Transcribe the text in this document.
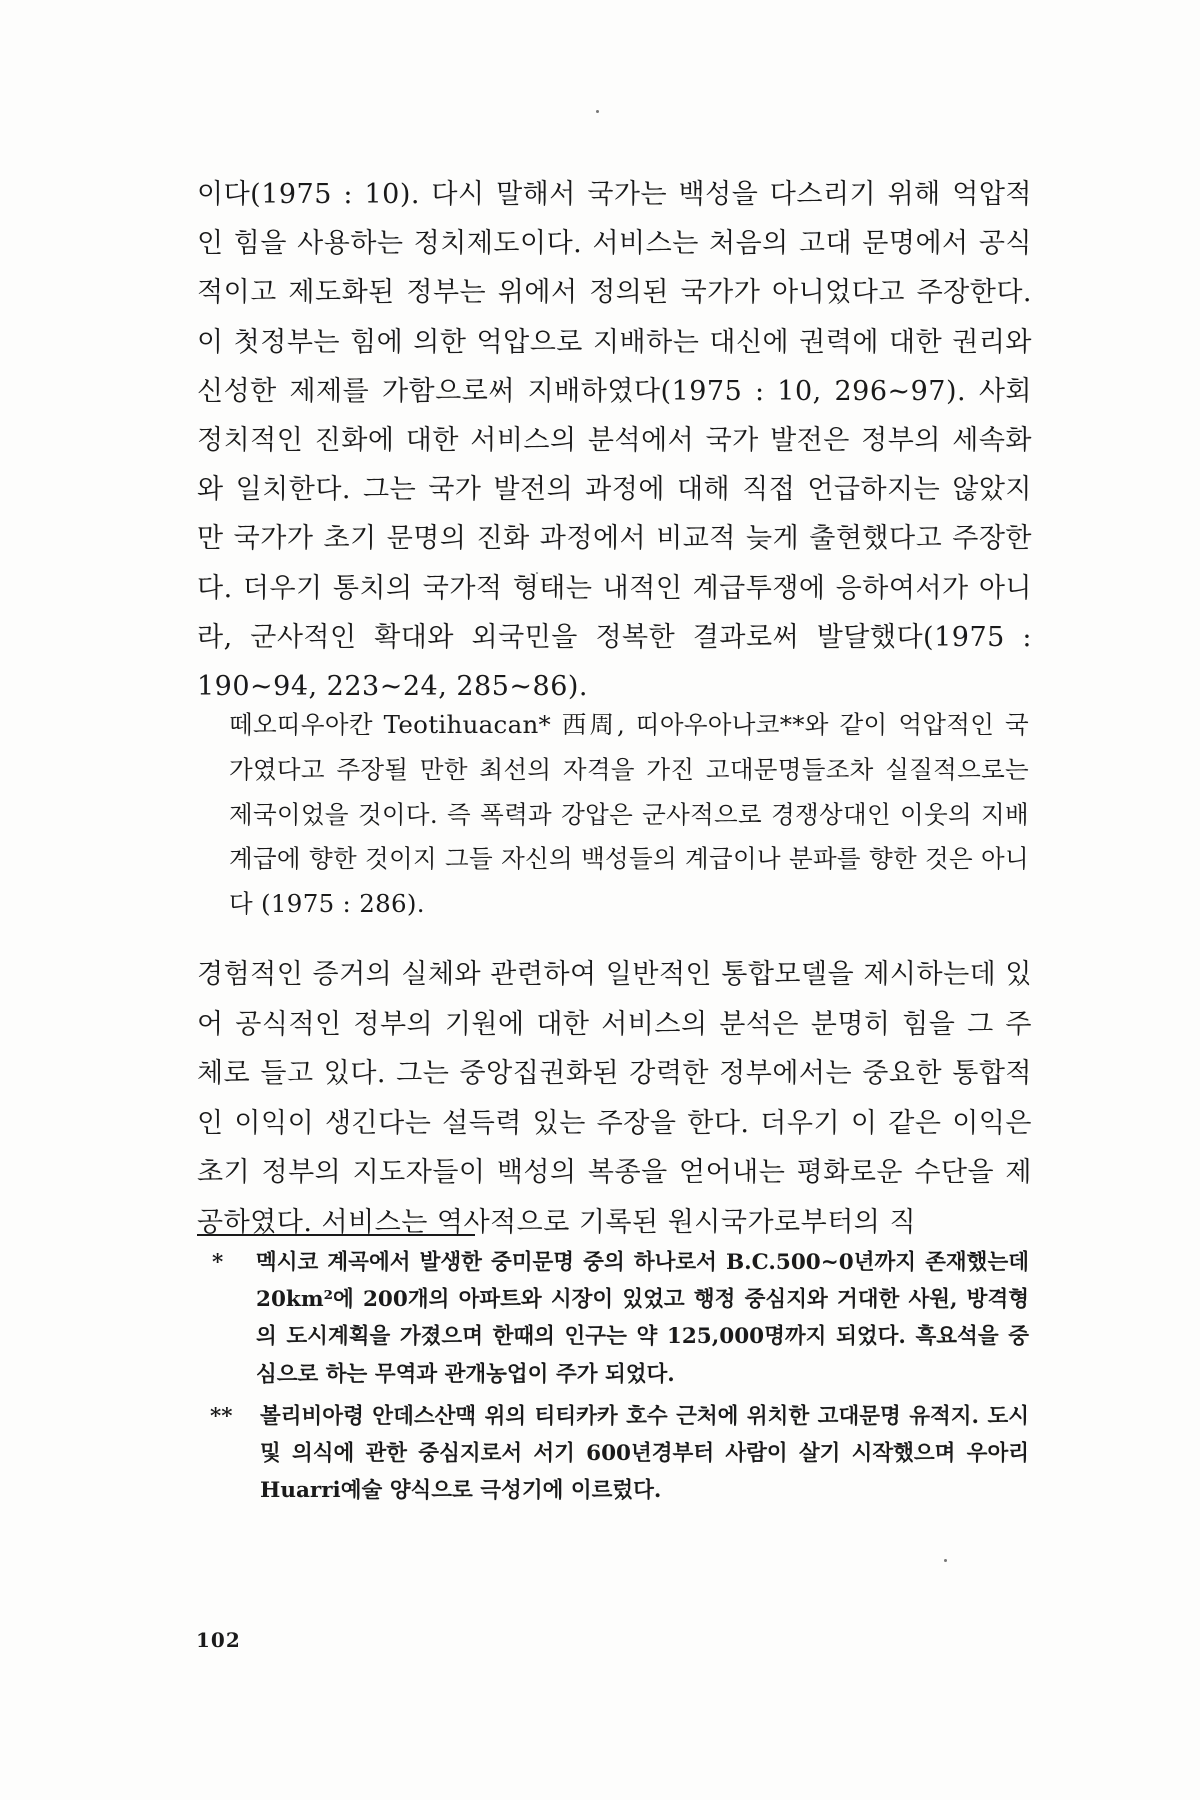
이다(1975 : 10). 다시 말해서 국가는 백성을 다스리기 위해 억압적인 힘을 사용하는 정치제도이다. 서비스는 처음의 고대 문명에서 공식적이고 제도화된 정부는 위에서 정의된 국가가 아니었다고 주장한다. 이 첫정부는 힘에 의한 억압으로 지배하는 대신에 권력에 대한 권리와 신성한 제제를 가함으로써 지배하였다(1975 : 10, 296~97). 사회정치적인 진화에 대한 서비스의 분석에서 국가 발전은 정부의 세속화와 일치한다. 그는 국가 발전의 과정에 대해 직접 언급하지는 않았지만 국가가 초기 문명의 진화 과정에서 비교적 늦게 출현했다고 주장한다. 더우기 통치의 국가적 형태는 내적인 계급투쟁에 응하여서가 아니라, 군사적인 확대와 외국민을 정복한 결과로써 발달했다(1975 : 190~94, 223~24, 285~86).

떼오띠우아칸 Teotihuacan* 西周, 띠아우아나코**와 같이 억압적인 국가였다고 주장될 만한 최선의 자격을 가진 고대문명들조차 실질적으로는 제국이었을 것이다. 즉 폭력과 강압은 군사적으로 경쟁상대인 이웃의 지배계급에 향한 것이지 그들 자신의 백성들의 계급이나 분파를 향한 것은 아니다 (1975 : 286).

경험적인 증거의 실체와 관련하여 일반적인 통합모델을 제시하는데 있어 공식적인 정부의 기원에 대한 서비스의 분석은 분명히 힘을 그 주체로 들고 있다. 그는 중앙집권화된 강력한 정부에서는 중요한 통합적인 이익이 생긴다는 설득력 있는 주장을 한다. 더우기 이 같은 이익은 초기 정부의 지도자들이 백성의 복종을 얻어내는 평화로운 수단을 제공하였다. 서비스는 역사적으로 기록된 원시국가로부터의 직

*	멕시코 계곡에서 발생한 중미문명 중의 하나로서 B.C.500~0년까지 존재했는데 20km²에 200개의 아파트와 시장이 있었고 행정 중심지와 거대한 사원, 방격형의 도시계획을 가졌으며 한때의 인구는 약 125,000명까지 되었다. 흑요석을 중심으로 하는 무역과 관개농업이 주가 되었다.
**	볼리비아령 안데스산맥 위의 티티카카 호수 근처에 위치한 고대문명 유적지. 도시 및 의식에 관한 중심지로서 서기 600년경부터 사람이 살기 시작했으며 우아리 Huarri예술 양식으로 극성기에 이르렀다.
102
